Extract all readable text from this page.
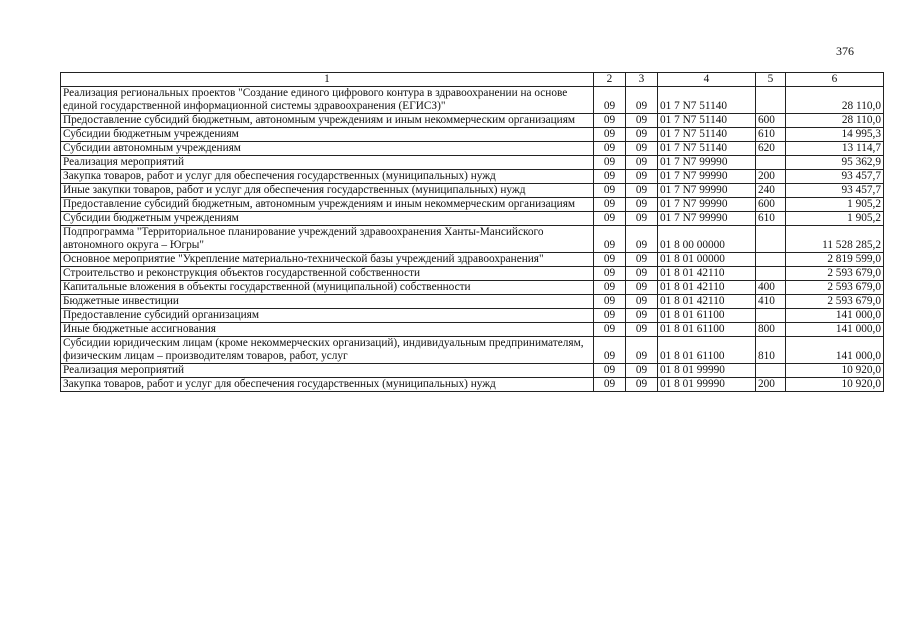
376
1	2	3	4	5	6
Реализация региональных проектов "Создание единого цифрового контура в здравоохранении на основе единой государственной информационной системы здравоохранения (ЕГИСЗ)"	09	09	01 7 N7 51140		28 110,0
Предоставление субсидий бюджетным, автономным учреждениям и иным некоммерческим организациям	09	09	01 7 N7 51140	600	28 110,0
Субсидии бюджетным учреждениям	09	09	01 7 N7 51140	610	14 995,3
Субсидии автономным учреждениям	09	09	01 7 N7 51140	620	13 114,7
Реализация мероприятий	09	09	01 7 N7 99990		95 362,9
Закупка товаров, работ и услуг для обеспечения государственных (муниципальных) нужд	09	09	01 7 N7 99990	200	93 457,7
Иные закупки товаров, работ и услуг для обеспечения государственных (муниципальных) нужд	09	09	01 7 N7 99990	240	93 457,7
Предоставление субсидий бюджетным, автономным учреждениям и иным некоммерческим организациям	09	09	01 7 N7 99990	600	1 905,2
Субсидии бюджетным учреждениям	09	09	01 7 N7 99990	610	1 905,2
Подпрограмма "Территориальное планирование учреждений здравоохранения Ханты-Мансийского автономного округа – Югры"	09	09	01 8 00 00000		11 528 285,2
Основное мероприятие "Укрепление материально-технической базы учреждений здравоохранения"	09	09	01 8 01 00000		2 819 599,0
Строительство и реконструкция объектов государственной собственности	09	09	01 8 01 42110		2 593 679,0
Капитальные вложения в объекты государственной (муниципальной) собственности	09	09	01 8 01 42110	400	2 593 679,0
Бюджетные инвестиции	09	09	01 8 01 42110	410	2 593 679,0
Предоставление субсидий организациям	09	09	01 8 01 61100		141 000,0
Иные бюджетные ассигнования	09	09	01 8 01 61100	800	141 000,0
Субсидии юридическим лицам (кроме некоммерческих организаций), индивидуальным предпринимателям, физическим лицам – производителям товаров, работ, услуг	09	09	01 8 01 61100	810	141 000,0
Реализация мероприятий	09	09	01 8 01 99990		10 920,0
Закупка товаров, работ и услуг для обеспечения государственных (муниципальных) нужд	09	09	01 8 01 99990	200	10 920,0
